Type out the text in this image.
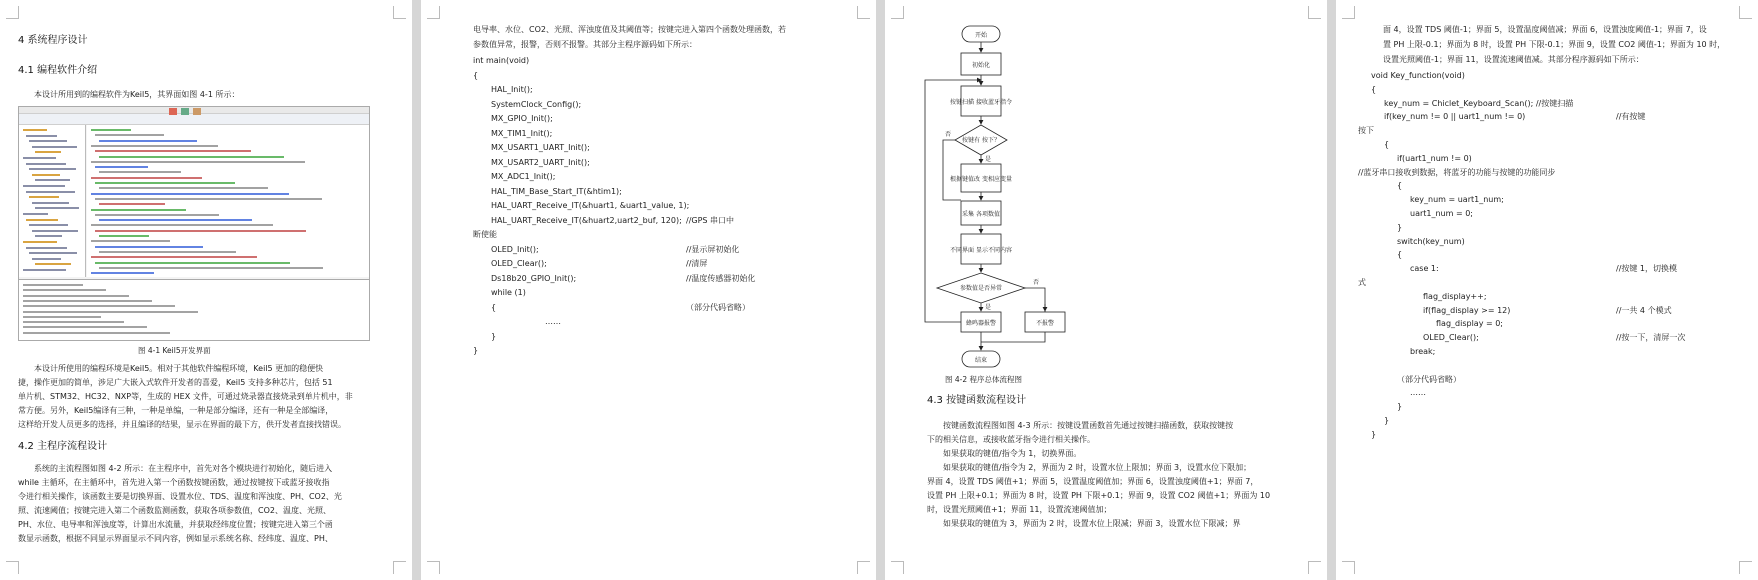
4 系统程序设计
4.1 编程软件介绍
本设计所用到的编程软件为Keil5，其界面如图 4-1 所示：
图 4-1 Keil5开发界面
本设计所使用的编程环境是Keil5。相对于其他软件编程环境，Keil5 更加的稳便快
捷，操作更加的简单，涉足广大嵌入式软件开发者的喜爱，Keil5 支持多种芯片，包括 51
单片机、STM32、HC32、NXP等，生成的 HEX 文件，可通过烧录器直接烧录到单片机中，非
常方便。另外，Keil5编译有三种，一种是单编，一种是部分编译，还有一种是全部编译，
这样给开发人员更多的选择，并且编译的结果，显示在界面的最下方，供开发者直接找错误。
4.2 主程序流程设计
系统的主流程图如图 4-2 所示：在主程序中，首先对各个模块进行初始化，随后进入
while 主循环，在主循环中，首先进入第一个函数按键函数，通过按键按下或蓝牙接收指
令进行相关操作，该函数主要是切换界面、设置水位、TDS、温度和浑浊度、PH、CO2、光
照、流速阈值；按键完进入第二个函数监测函数，获取各项参数值，CO2、温度、光照、
PH、水位、电导率和浑浊度等，计算出水流量，并获取经纬度位置；按键完进入第三个函
数显示函数，根据不同显示界面显示不同内容，例如显示系统名称、经纬度、温度、PH、
电导率、水位、CO2、光照、浑浊度值及其阈值等；按键完进入第四个函数处理函数，若
参数值异常，报警，否则不报警。其部分主程序源码如下所示：
int main(void)
{
HAL_Init();
SystemClock_Config();
MX_GPIO_Init();
MX_TIM1_Init();
MX_USART1_UART_Init();
MX_USART2_UART_Init();
MX_ADC1_Init();
HAL_TIM_Base_Start_IT(&htim1);
HAL_UART_Receive_IT(&huart1, &uart1_value, 1);
HAL_UART_Receive_IT(&huart2,uart2_buf, 120); //GPS 串口中
断使能
OLED_Init();	//显示屏初始化
OLED_Clear();	//清屏
Ds18b20_GPIO_Init();	//温度传感器初始化
while (1)
{	（部分代码省略）
……
}
}
开始
初始化
按键扫描 接收蓝牙指令
按键有 按下？
是
否
根据键值改 变相应变量
采集 各项数值
不同界面 显示不同内容
参数值是否异常
是
否
蜂鸣器报警	不报警
结束
图 4-2 程序总体流程图
4.3 按键函数流程设计
按键函数流程图如图 4-3 所示：按键设置函数首先通过按键扫描函数，获取按键按
下的相关信息，或接收蓝牙指令进行相关操作。
如果获取的键值/指令为 1，切换界面。
如果获取的键值/指令为 2，界面为 2 时，设置水位上限加；界面 3，设置水位下限加；
界面 4，设置 TDS 阈值+1；界面 5，设置温度阈值加；界面 6，设置浊度阈值+1；界面 7，
设置 PH 上限+0.1；界面为 8 时，设置 PH 下限+0.1；界面 9，设置 CO2 阈值+1；界面为 10
时，设置光照阈值+1；界面 11，设置流速阈值加；
如果获取的键值为 3，界面为 2 时，设置水位上限减；界面 3，设置水位下限减；界
面 4，设置 TDS 阈值-1；界面 5，设置温度阈值减；界面 6，设置浊度阈值-1；界面 7，设
置 PH 上限-0.1；界面为 8 时，设置 PH 下限-0.1；界面 9，设置 CO2 阈值-1；界面为 10 时，
设置光照阈值-1；界面 11，设置流速阈值减。其部分程序源码如下所示：
void Key_function(void)
{
key_num = Chiclet_Keyboard_Scan(); //按键扫描
if(key_num != 0 || uart1_num != 0)	//有按键
按下
{
if(uart1_num != 0)
//蓝牙串口接收到数据，将蓝牙的功能与按键的功能同步
{
key_num = uart1_num;
uart1_num = 0;
}
switch(key_num)
{
case 1:	//按键 1，切换模
式
flag_display++;
if(flag_display >= 12)	//一共 4 个模式
flag_display = 0;
OLED_Clear();	//按一下，清屏一次
break;
（部分代码省略）
……
}
}
}
